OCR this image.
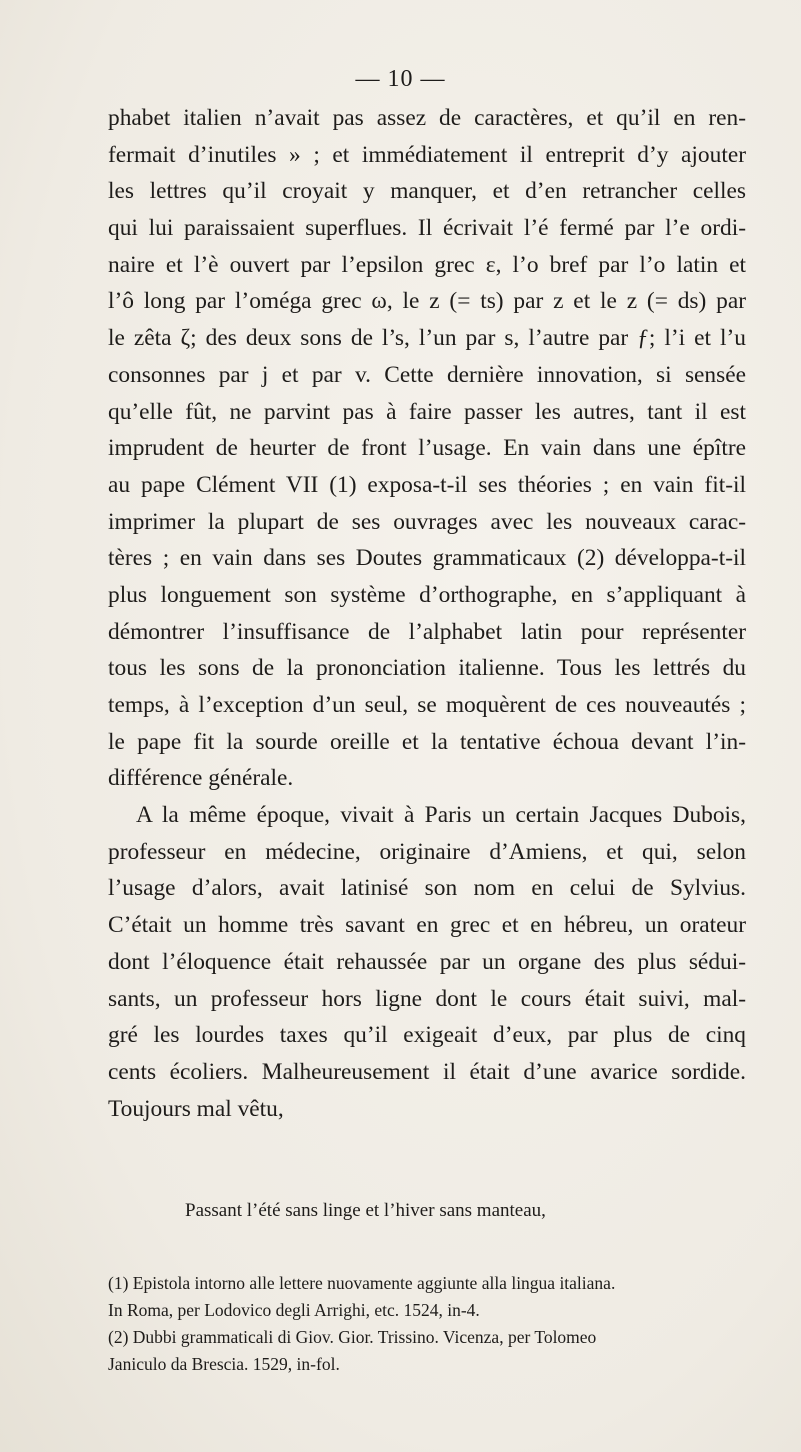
— 10 —
phabet italien n’avait pas assez de caractères, et qu’il en ren-
fermait d’inutiles » ; et immédiatement il entreprit d’y ajouter
les lettres qu’il croyait y manquer, et d’en retrancher celles
qui lui paraissaient superflues. Il écrivait l’é fermé par l’e ordi-
naire et l’è ouvert par l’epsilon grec ε, l’o bref par l’o latin et
l’ô long par l’oméga grec ω, le z (= ts) par z et le z (= ds) par
le zêta ζ; des deux sons de l’s, l’un par s, l’autre par ƒ; l’i et l’u
consonnes par j et par v. Cette dernière innovation, si sensée
qu’elle fût, ne parvint pas à faire passer les autres, tant il est
imprudent de heurter de front l’usage. En vain dans une épître
au pape Clément VII (1) exposa-t-il ses théories ; en vain fit-il
imprimer la plupart de ses ouvrages avec les nouveaux carac-
tères ; en vain dans ses Doutes grammaticaux (2) développa-t-il
plus longuement son système d’orthographe, en s’appliquant à
démontrer l’insuffisance de l’alphabet latin pour représenter
tous les sons de la prononciation italienne. Tous les lettrés du
temps, à l’exception d’un seul, se moquèrent de ces nouveautés ;
le pape fit la sourde oreille et la tentative échoua devant l’in-
différence générale.
A la même époque, vivait à Paris un certain Jacques Dubois,
professeur en médecine, originaire d’Amiens, et qui, selon
l’usage d’alors, avait latinisé son nom en celui de Sylvius.
C’était un homme très savant en grec et en hébreu, un orateur
dont l’éloquence était rehaussée par un organe des plus sédui-
sants, un professeur hors ligne dont le cours était suivi, mal-
gré les lourdes taxes qu’il exigeait d’eux, par plus de cinq
cents écoliers. Malheureusement il était d’une avarice sordide.
Toujours mal vêtu,
Passant l’été sans linge et l’hiver sans manteau,
(1) Epistola intorno alle lettere nuovamente aggiunte alla lingua italiana.
In Roma, per Lodovico degli Arrighi, etc. 1524, in-4.
(2) Dubbi grammaticali di Giov. Gior. Trissino. Vicenza, per Tolomeo
Janiculo da Brescia. 1529, in-fol.
